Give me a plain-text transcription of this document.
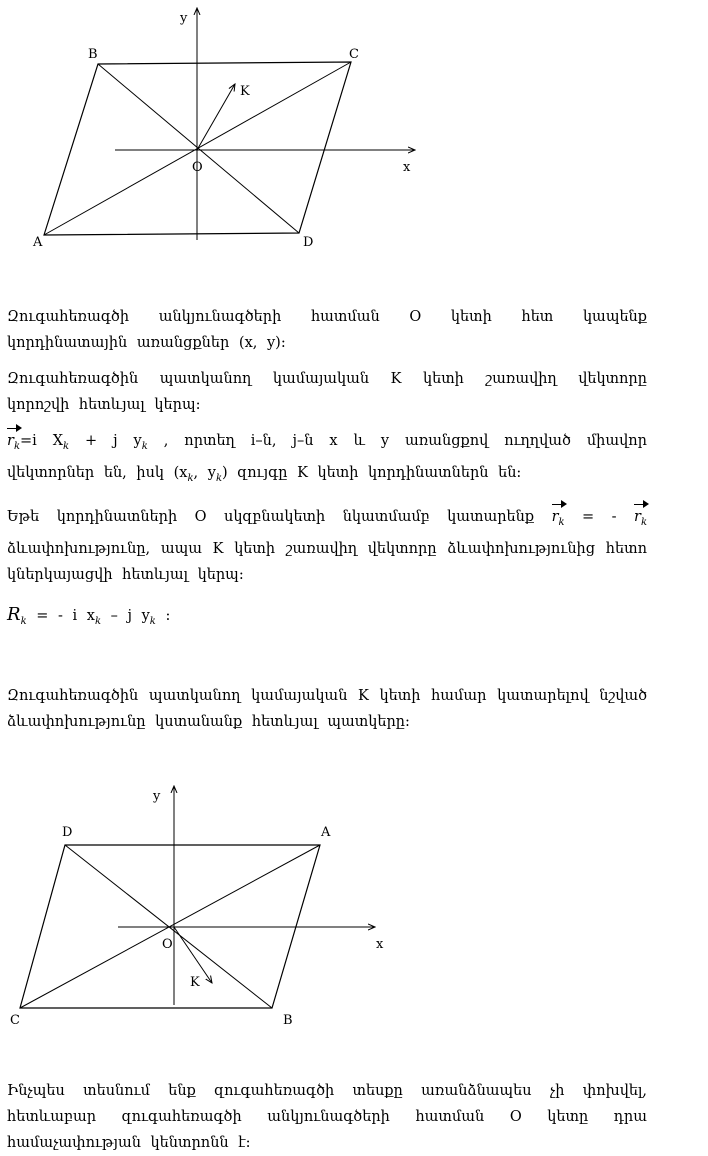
y
B	C
K
O	x
A	D
Զուգահեռագծի անկյունագծերի հատման O կետի հետ կապենք կորդինատային առանցքներ (x, y):
Զուգահեռագծին պատկանող կամայական K կետի շառավիղ վեկտորը կորոշվի հետևյալ կերպ:
$r_k=i$ $X_k + j$ $y_k$ , որտեղ i–ն, j–ն x և y առանցքով ուղղված միավոր վեկտորներ են, իսկ ($x_k$, $y_k$) զույգը K կետի կորդինատներն են:
Եթե կորդինատների O սկզբնակետի նկատմամբ կատարենք $r_k$ = - $r_k$ ձևափոխությունը, ապա K կետի շառավիղ վեկտորը ձևափոխությունից հետո կներկայացվի հետևյալ կերպ:
$R_k$ = - i $x_k$ – j $y_k$ :
Զուգահեռագծին պատկանող կամայական K կետի համար կատարելով նշված ձևափոխությունը կստանանք հետևյալ պատկերը:
y
D	A
O	x
K
C	B
Ինչպես տեսնում ենք զուգահեռագծի տեսքը առանձնապես չի փոխվել, հետևաբար զուգահեռագծի անկյունագծերի հատման O կետը դրա համաչափության կենտրոնն է:
